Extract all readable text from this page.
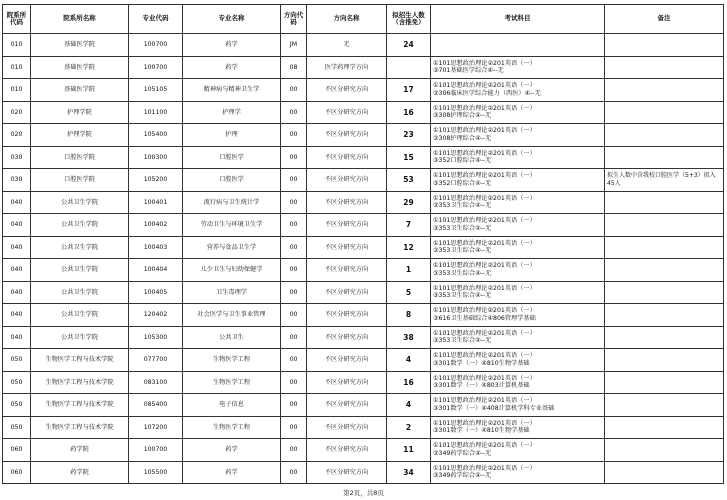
院系所代码	院系所名称	专业代码	专业名称	方向代码	方向名称	拟招生人数（含推免）	考试科目	备注
010	基础医学院	100700	药学	JM	无	24	

010	基础医学院	100700	药学	08	医学药理学方向		①101思想政治理论②201英语（一）
③701基础医学综合④--无	

010	基础医学院	105105	精神病与精神卫生学	00	不区分研究方向	17	①101思想政治理论②201英语（一）
③306临床医学综合能力（西医）④--无	

020	护理学院	101100	护理学	00	不区分研究方向	16	①101思想政治理论②201英语（一）
③308护理综合④--无	

020	护理学院	105400	护理	00	不区分研究方向	23	①101思想政治理论②201英语（一）
③308护理综合④--无	

030	口腔医学院	100300	口腔医学	00	不区分研究方向	15	①101思想政治理论②201英语（一）
③352口腔综合④--无	

030	口腔医学院	105200	口腔医学	00	不区分研究方向	53	①101思想政治理论②201英语（一）
③352口腔综合④--无	拟生人数中含我校口腔医学（5+3）拟入45人
040	公共卫生学院	100401	流行病与卫生统计学	00	不区分研究方向	29	①101思想政治理论②201英语（一）
③353卫生综合④--无	

040	公共卫生学院	100402	劳动卫生与环境卫生学	00	不区分研究方向	7	①101思想政治理论②201英语（一）
③353卫生综合④--无	

040	公共卫生学院	100403	营养与食品卫生学	00	不区分研究方向	12	①101思想政治理论②201英语（一）
③353卫生综合④--无	

040	公共卫生学院	100404	儿少卫生与妇幼保健学	00	不区分研究方向	1	①101思想政治理论②201英语（一）
③353卫生综合④--无	

040	公共卫生学院	100405	卫生毒理学	00	不区分研究方向	5	①101思想政治理论②201英语（一）
③353卫生综合④--无	

040	公共卫生学院	120402	社会医学与卫生事业管理	00	不区分研究方向	8	①101思想政治理论②201英语（一）
③616卫生基础综合④806管理学基础	

040	公共卫生学院	105300	公共卫生	00	不区分研究方向	38	①101思想政治理论②201英语（一）
③353卫生综合④--无	

050	生物医学工程与技术学院	077700	生物医学工程	00	不区分研究方向	4	①101思想政治理论②201英语（一）
③301数学（一）④810生物学基础	

050	生物医学工程与技术学院	083100	生物医学工程	00	不区分研究方向	16	①101思想政治理论②201英语（一）
③301数学（一）④803计算机基础	

050	生物医学工程与技术学院	085400	电子信息	00	不区分研究方向	4	①101思想政治理论②201英语（一）
③301数学（一）④408计算机学科专业基础	

050	生物医学工程与技术学院	107200	生物医学工程	00	不区分研究方向	2	①101思想政治理论②201英语（一）
③301数学（一）④810生物学基础	

060	药学院	100700	药学	00	不区分研究方向	11	①101思想政治理论②201英语（一）
③349药学综合④--无	

060	药学院	105500	药学	00	不区分研究方向	34	①101思想政治理论②201英语（一）
③349药学综合④--无	

第2页，共8页
